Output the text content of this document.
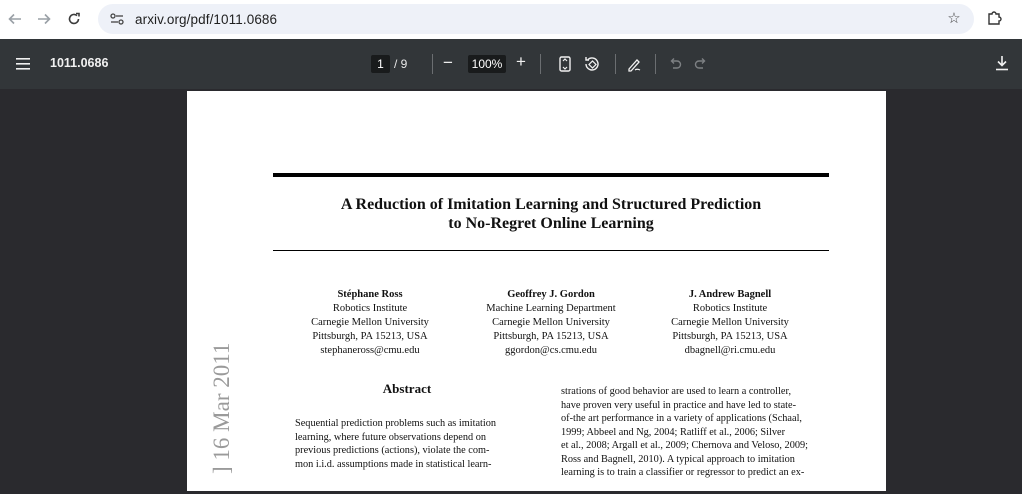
arxiv.org/pdf/1011.0686	☆
1011.0686	1 / 9 −	100% +
A Reduction of Imitation Learning and Structured Prediction
to No-Regret Online Learning
Stéphane Ross
Robotics Institute
Carnegie Mellon University
Pittsburgh, PA 15213, USA
stephaneross@cmu.edu
Geoffrey J. Gordon
Machine Learning Department
Carnegie Mellon University
Pittsburgh, PA 15213, USA
ggordon@cs.cmu.edu
J. Andrew Bagnell
Robotics Institute
Carnegie Mellon University
Pittsburgh, PA 15213, USA
dbagnell@ri.cmu.edu
] 16 Mar 2011	Abstract
Sequential prediction problems such as imitation
learning, where future observations depend on
previous predictions (actions), violate the com-
mon i.i.d. assumptions made in statistical learn-
strations of good behavior are used to learn a controller,
have proven very useful in practice and have led to state-
of-the art performance in a variety of applications (Schaal,
1999; Abbeel and Ng, 2004; Ratliff et al., 2006; Silver
et al., 2008; Argall et al., 2009; Chernova and Veloso, 2009;
Ross and Bagnell, 2010). A typical approach to imitation
learning is to train a classifier or regressor to predict an ex-
